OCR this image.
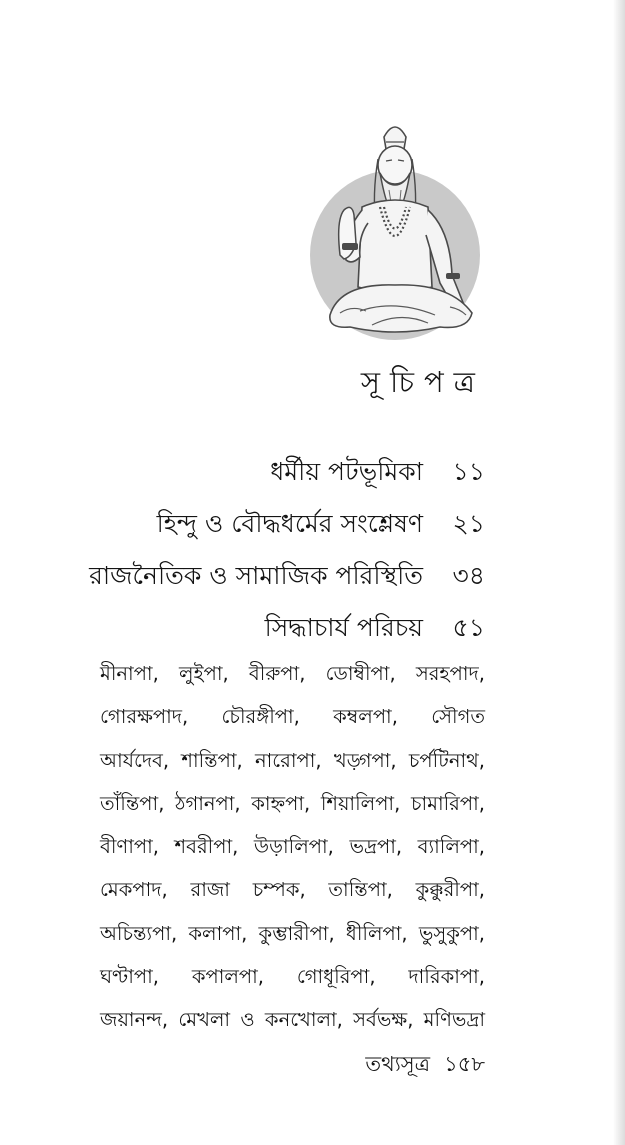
সূচিপত্র
ধর্মীয় পটভূমিকা	১১
হিন্দু ও বৌদ্ধধর্মের সংশ্লেষণ	২১
রাজনৈতিক ও সামাজিক পরিস্থিতি	৩৪
সিদ্ধাচার্য পরিচয়	৫১
মীনাপা, লুইপা, বীরুপা, ডোম্বীপা, সরহপাদ,
গোরক্ষপাদ, চৌরঙ্গীপা, কম্বলপা, সৌগত
আর্যদেব, শান্তিপা, নারোপা, খড়্গপা, চর্পটিনাথ,
তাঁন্তিপা, ঠগানপা, কাহ্নপা, শিয়ালিপা, চামারিপা,
বীণাপা, শবরীপা, উড়ালিপা, ভদ্রপা, ব্যালিপা,
মেকপাদ, রাজা চম্পক, তান্তিপা, কুক্কুরীপা,
অচিন্ত্যপা, কলাপা, কুম্ভারীপা, ধীলিপা, ভুসুকুপা,
ঘণ্টাপা, কপালপা, গোধূরিপা, দারিকাপা,
জয়ানন্দ, মেখলা ও কনখোলা, সর্বভক্ষ, মণিভদ্রা
তথ্যসূত্র ১৫৮
